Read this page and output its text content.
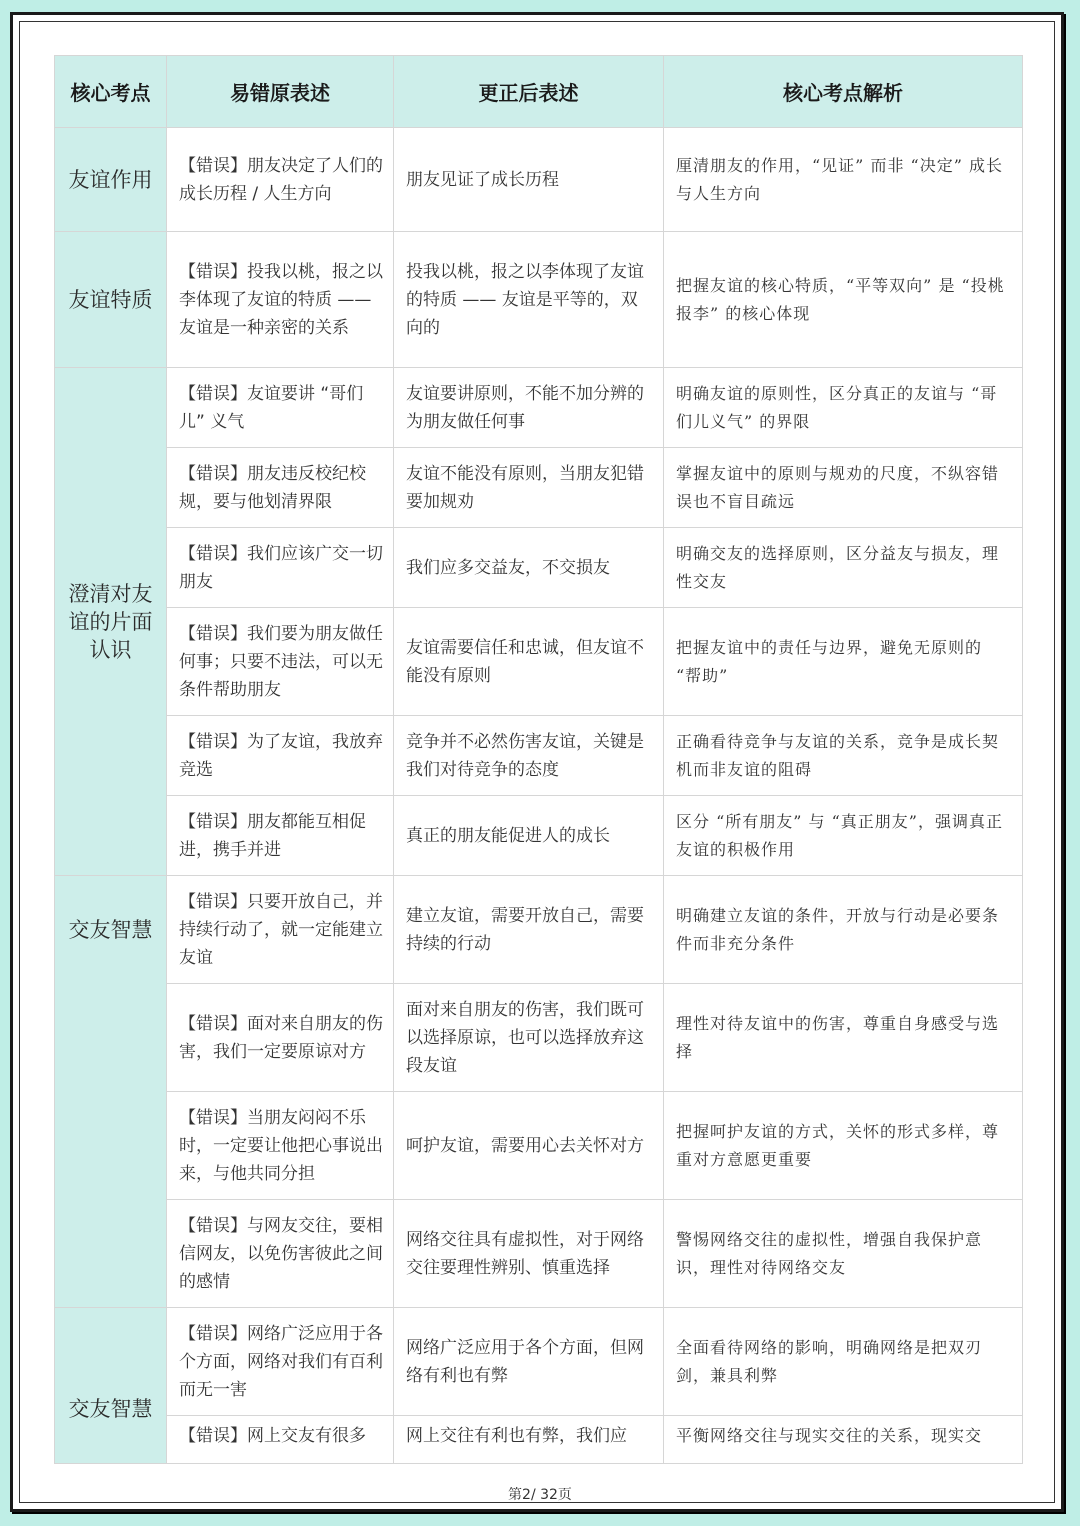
核心考点	易错原表述	更正后表述	核心考点解析
友谊作用	【错误】朋友决定了人们的成长历程 / 人生方向	朋友见证了成长历程	厘清朋友的作用，“见证” 而非 “决定” 成长与人生方向
友谊特质	【错误】投我以桃，报之以李体现了友谊的特质 —— 友谊是一种亲密的关系	投我以桃，报之以李体现了友谊的特质 —— 友谊是平等的，双向的	把握友谊的核心特质，“平等双向” 是 “投桃报李” 的核心体现
澄清对友谊的片面认识	【错误】友谊要讲 “哥们儿” 义气	友谊要讲原则，不能不加分辨的为朋友做任何事	明确友谊的原则性，区分真正的友谊与 “哥们儿义气” 的界限
	【错误】朋友违反校纪校规，要与他划清界限	友谊不能没有原则，当朋友犯错要加规劝	掌握友谊中的原则与规劝的尺度，不纵容错误也不盲目疏远
	【错误】我们应该广交一切朋友	我们应多交益友，不交损友	明确交友的选择原则，区分益友与损友，理性交友
	【错误】我们要为朋友做任何事；只要不违法，可以无条件帮助朋友	友谊需要信任和忠诚，但友谊不能没有原则	把握友谊中的责任与边界，避免无原则的 “帮助”
	【错误】为了友谊，我放弃竞选	竞争并不必然伤害友谊，关键是我们对待竞争的态度	正确看待竞争与友谊的关系，竞争是成长契机而非友谊的阻碍
	【错误】朋友都能互相促进，携手并进	真正的朋友能促进人的成长	区分 “所有朋友” 与 “真正朋友”，强调真正友谊的积极作用
交友智慧	【错误】只要开放自己，并持续行动了，就一定能建立友谊	建立友谊，需要开放自己，需要持续的行动	明确建立友谊的条件，开放与行动是必要条件而非充分条件
	【错误】面对来自朋友的伤害，我们一定要原谅对方	面对来自朋友的伤害，我们既可以选择原谅，也可以选择放弃这段友谊	理性对待友谊中的伤害，尊重自身感受与选择
	【错误】当朋友闷闷不乐时，一定要让他把心事说出来，与他共同分担	呵护友谊，需要用心去关怀对方	把握呵护友谊的方式，关怀的形式多样，尊重对方意愿更重要
	【错误】与网友交往，要相信网友，以免伤害彼此之间的感情	网络交往具有虚拟性，对于网络交往要理性辨别、慎重选择	警惕网络交往的虚拟性，增强自我保护意识，理性对待网络交友
交友智慧	【错误】网络广泛应用于各个方面，网络对我们有百利而无一害	网络广泛应用于各个方面，但网络有利也有弊	全面看待网络的影响，明确网络是把双刃剑，兼具利弊
	【错误】网上交友有很多	网上交往有利也有弊，我们应	平衡网络交往与现实交往的关系，现实交
第2/ 32页
